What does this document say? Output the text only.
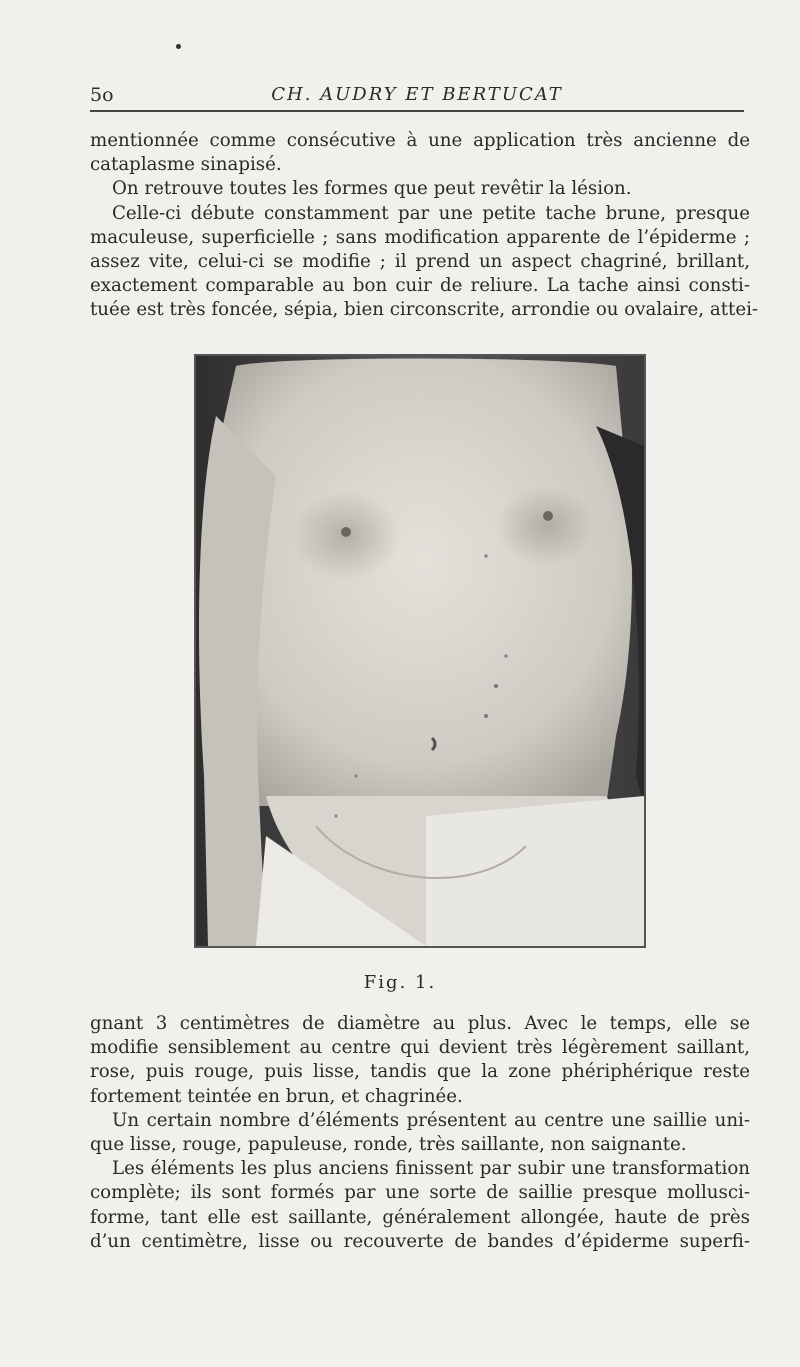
5o	CH. AUDRY ET BERTUCAT
mentionnée comme consécutive à une application très ancienne de
cataplasme sinapisé.
On retrouve toutes les formes que peut revêtir la lésion.
Celle-ci débute constamment par une petite tache brune, presque
maculeuse, superficielle ; sans modification apparente de l’épiderme ;
assez vite, celui-ci se modifie ; il prend un aspect chagriné, brillant,
exactement comparable au bon cuir de reliure. La tache ainsi consti-
tuée est très foncée, sépia, bien circonscrite, arrondie ou ovalaire, attei-
Fig. 1.
gnant 3 centimètres de diamètre au plus. Avec le temps, elle se
modifie sensiblement au centre qui devient très légèrement saillant,
rose, puis rouge, puis lisse, tandis que la zone phériphérique reste
fortement teintée en brun, et chagrinée.
Un certain nombre d’éléments présentent au centre une saillie uni-
que lisse, rouge, papuleuse, ronde, très saillante, non saignante.
Les éléments les plus anciens finissent par subir une transformation
complète; ils sont formés par une sorte de saillie presque mollusci-
forme, tant elle est saillante, généralement allongée, haute de près
d’un centimètre, lisse ou recouverte de bandes d’épiderme superfi-
